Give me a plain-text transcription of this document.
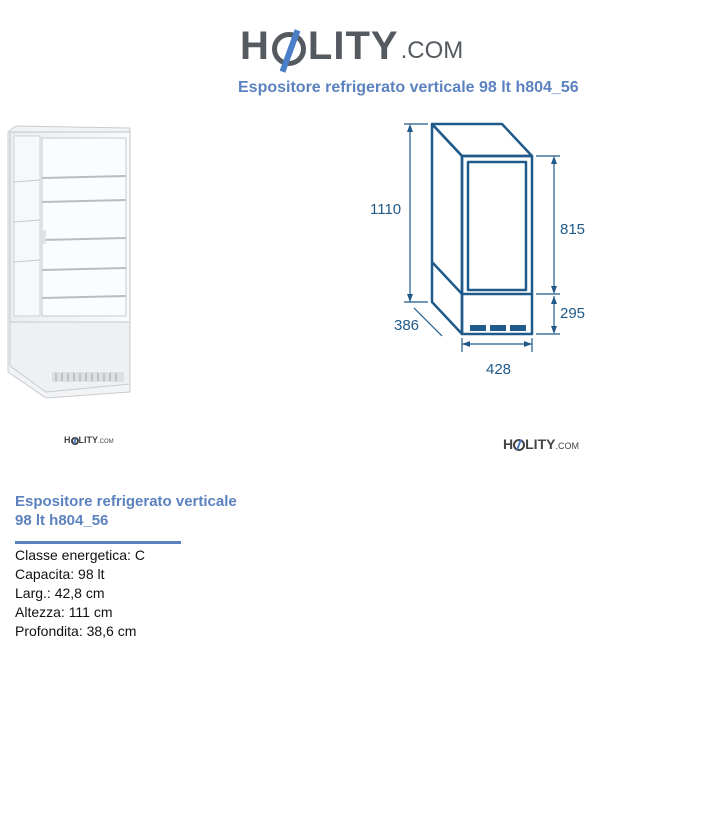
H LITY .COM
Espositore refrigerato verticale 98 lt h804_56
1110
815
295
386
428
H LITY .COM	H LITY .COM
Espositore refrigerato verticale
98 lt h804_56
Classe energetica: C
Capacita: 98 lt
Larg.: 42,8 cm
Altezza: 111 cm
Profondita: 38,6 cm
